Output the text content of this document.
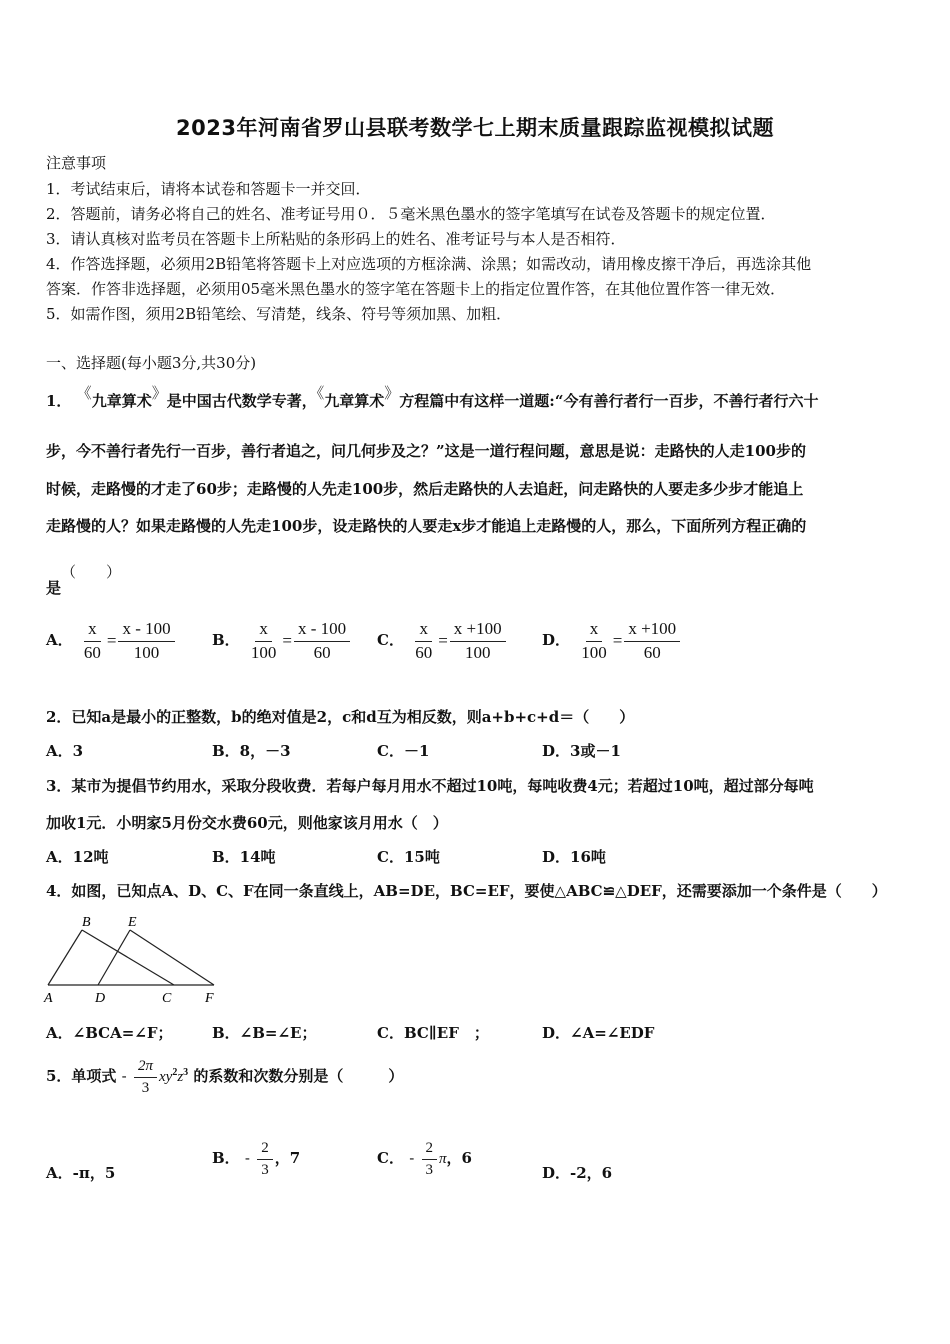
2023年河南省罗山县联考数学七上期末质量跟踪监视模拟试题
注意事项
1．考试结束后，请将本试卷和答题卡一并交回．
2．答题前，请务必将自己的姓名、准考证号用０．５毫米黑色墨水的签字笔填写在试卷及答题卡的规定位置．
3．请认真核对监考员在答题卡上所粘贴的条形码上的姓名、准考证号与本人是否相符．
4．作答选择题，必须用2B铅笔将答题卡上对应选项的方框涂满、涂黑；如需改动，请用橡皮擦干净后，再选涂其他
答案．作答非选择题，必须用05毫米黑色墨水的签字笔在答题卡上的指定位置作答，在其他位置作答一律无效．
5．如需作图，须用2B铅笔绘、写清楚，线条、符号等须加黑、加粗．
一、选择题(每小题3分,共30分)
1． 《九章算术》是中国古代数学专著，《九章算术》方程篇中有这样一道题:“今有善行者行一百步，不善行者行六十
步，今不善行者先行一百步，善行者追之，问几何步及之？”这是一道行程问题，意思是说：走路快的人走100步的
时候，走路慢的才走了60步；走路慢的人先走100步，然后走路快的人去追赶，问走路快的人要走多少步才能追上
走路慢的人？如果走路慢的人先走100步，设走路快的人要走x步才能追上走路慢的人，那么，下面所列方程正确的
是（　　）
A． $\frac{x}{60} = \frac{x - 100}{100}$ B． $\frac{x}{100} = \frac{x - 100}{60}$ C． $\frac{x}{60} = \frac{x +100}{100}$ D． $\frac{x}{100} = \frac{x +100}{60}$
2．已知a是最小的正整数，b的绝对值是2，c和d互为相反数，则a+b+c+d＝（　　）
A．3	B．8，－3	C．－1	D．3或－1
3．某市为提倡节约用水，采取分段收费．若每户每月用水不超过10吨，每吨收费4元；若超过10吨，超过部分每吨
加收1元．小明家5月份交水费60元，则他家该月用水（　）
A．12吨	B．14吨	C．15吨	D．16吨
4．如图，已知点A、D、C、F在同一条直线上，AB=DE，BC=EF，要使△ABC≌△DEF，还需要添加一个条件是（　　）
B	E
A	D	C F
A．∠BCA=∠F；	B．∠B=∠E；	C．BC∥EF　；	D．∠A=∠EDF
5．单项式 - $\frac{2\pi}{3} xy^2z^3$ 的系数和次数分别是（　　　）
A．-π，5
B． - $\frac{2}{3}$ ，7	C． - $\frac{2}{3}$ π，6
D．-2，6
